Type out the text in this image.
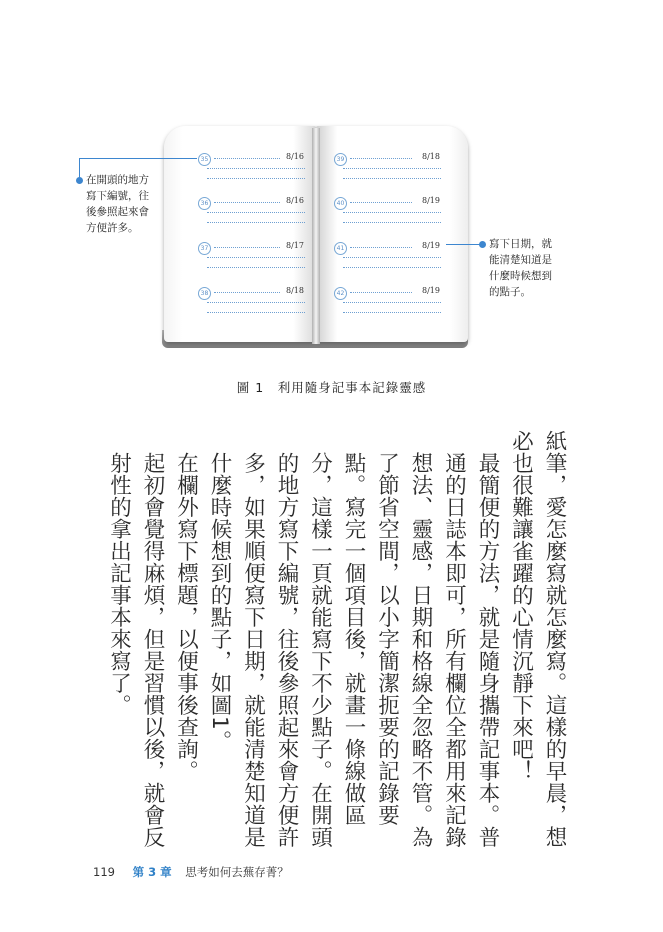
35	8/16
36	8/16
37	8/17
38	8/18
39	8/18
40	8/19
41	8/19
42	8/19
在開頭的地方
寫下編號，往
後參照起來會
方便許多。
寫下日期，就
能清楚知道是
什麼時候想到
的點子。
圖 1　利用隨身記事本記錄靈感

紙筆，愛怎麼寫就怎麼寫。這樣的早晨，想必也很難讓雀躍的心情沉靜下來吧！

最簡便的方法，就是隨身攜帶記事本。普通的日誌本即可，所有欄位全都用來記錄想法、靈感，日期和格線全忽略不管。為了節省空間，以小字簡潔扼要的記錄要點。寫完一個項目後，就畫一條線做區分，這樣一頁就能寫下不少點子。在開頭的地方寫下編號，往後參照起來會方便許多，如果順便寫下日期，就能清楚知道是什麼時候想到的點子，如圖1。

在欄外寫下標題，以便事後查詢。

起初會覺得麻煩，但是習慣以後，就會反射性的拿出記事本來寫了。

119 第 3 章 思考如何去蕪存菁？
